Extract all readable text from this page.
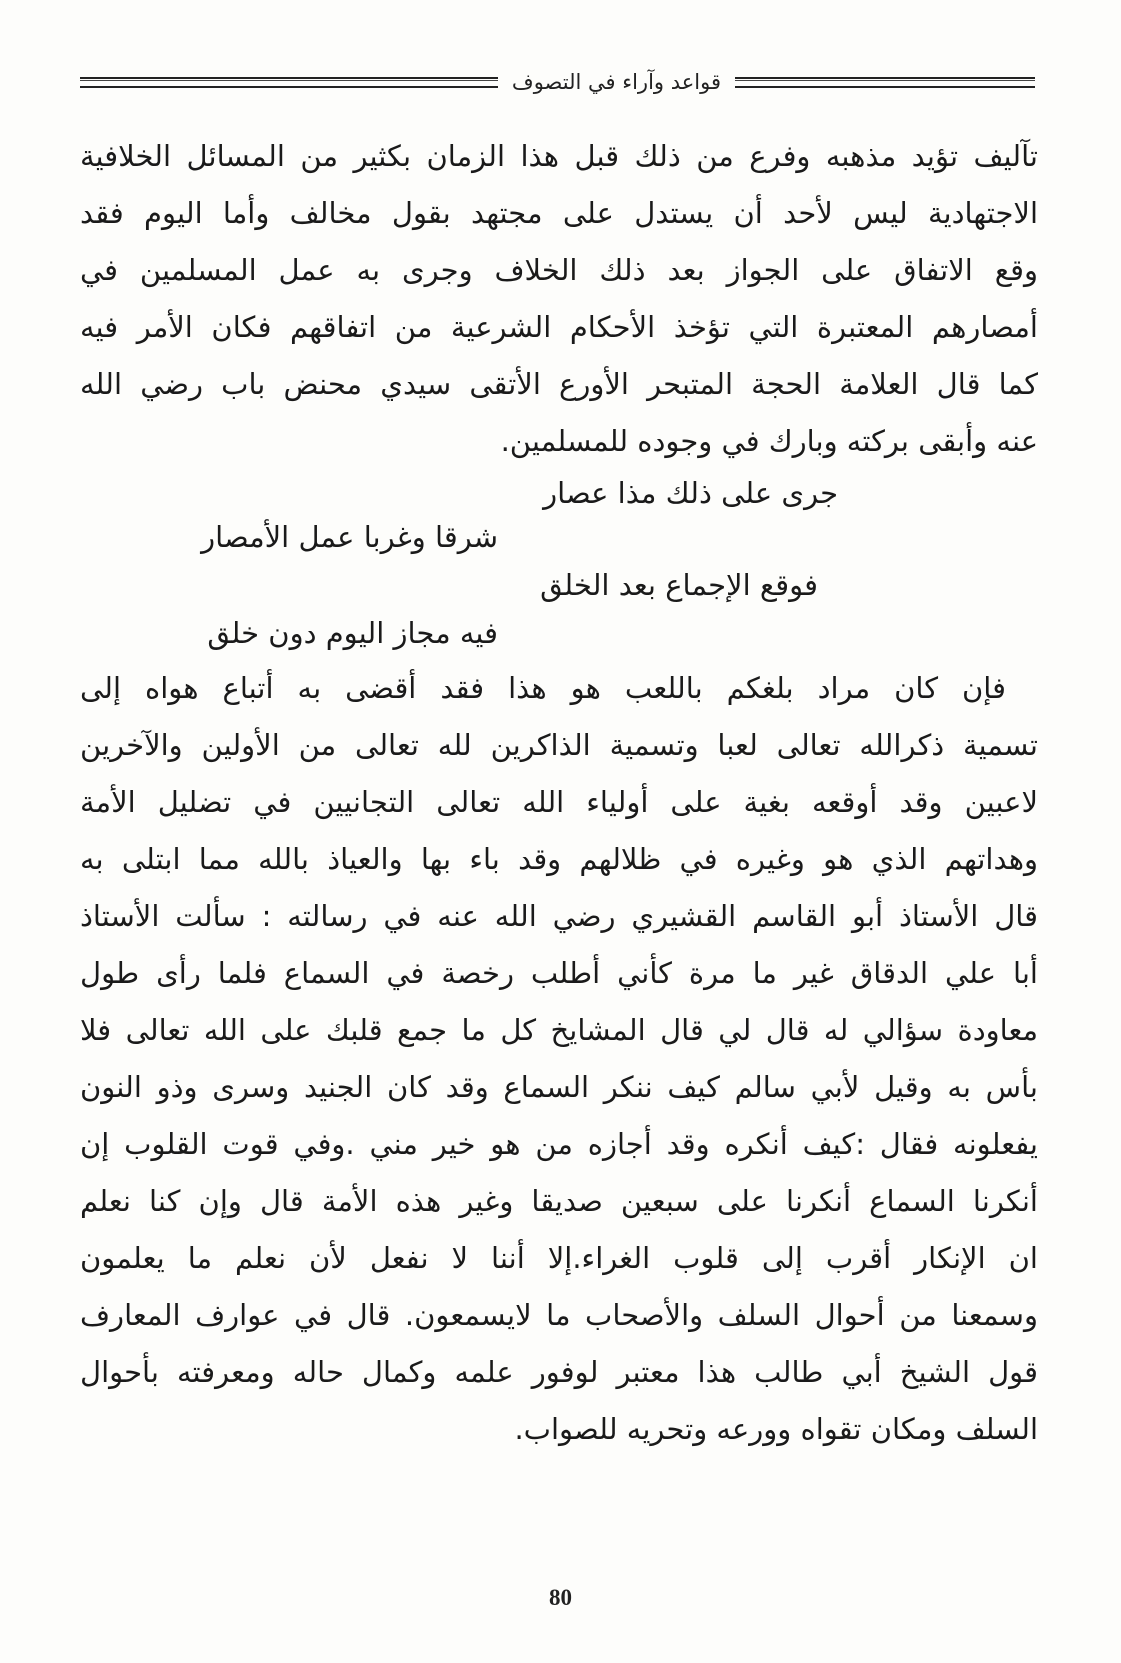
قواعد وآراء في التصوف
تآليف تؤيد مذهبه وفرع من ذلك قبل هذا الزمان بكثير من المسائل الخلافية
الاجتهادية ليس لأحد أن يستدل على مجتهد بقول مخالف وأما اليوم فقد
وقع الاتفاق على الجواز بعد ذلك الخلاف وجرى به عمل المسلمين في
أمصارهم المعتبرة التي تؤخذ الأحكام الشرعية من اتفاقهم فكان الأمر فيه
كما قال العلامة الحجة المتبحر الأورع الأتقى سيدي محنض باب رضي الله
عنه وأبقى بركته وبارك في وجوده للمسلمين.
جرى على ذلك مذا عصار
شرقا وغربا عمل الأمصار
فوقع الإجماع بعد الخلق
فيه مجاز اليوم دون خلق
فإن كان مراد بلغكم باللعب هو هذا فقد أقضى به أتباع هواه إلى
تسمية ذكرالله تعالى لعبا وتسمية الذاكرين لله تعالى من الأولين والآخرين
لاعبين وقد أوقعه بغية على أولياء الله تعالى التجانيين في تضليل الأمة
وهداتهم الذي هو وغيره في ظلالهم وقد باء بها والعياذ بالله مما ابتلى به
قال الأستاذ أبو القاسم القشيري رضي الله عنه في رسالته : سألت الأستاذ
أبا علي الدقاق غير ما مرة كأني أطلب رخصة في السماع فلما رأى طول
معاودة سؤالي له قال لي قال المشايخ كل ما جمع قلبك على الله تعالى فلا
بأس به وقيل لأبي سالم كيف ننكر السماع وقد كان الجنيد وسرى وذو النون
يفعلونه فقال :كيف أنكره وقد أجازه من هو خير مني .وفي قوت القلوب إن
أنكرنا السماع أنكرنا على سبعين صديقا وغير هذه الأمة قال وإن كنا نعلم
ان الإنكار أقرب إلى قلوب الغراء.إلا أننا لا نفعل لأن نعلم ما يعلمون
وسمعنا من أحوال السلف والأصحاب ما لايسمعون. قال في عوارف المعارف
قول الشيخ أبي طالب هذا معتبر لوفور علمه وكمال حاله ومعرفته بأحوال
السلف ومكان تقواه وورعه وتحريه للصواب.
80
